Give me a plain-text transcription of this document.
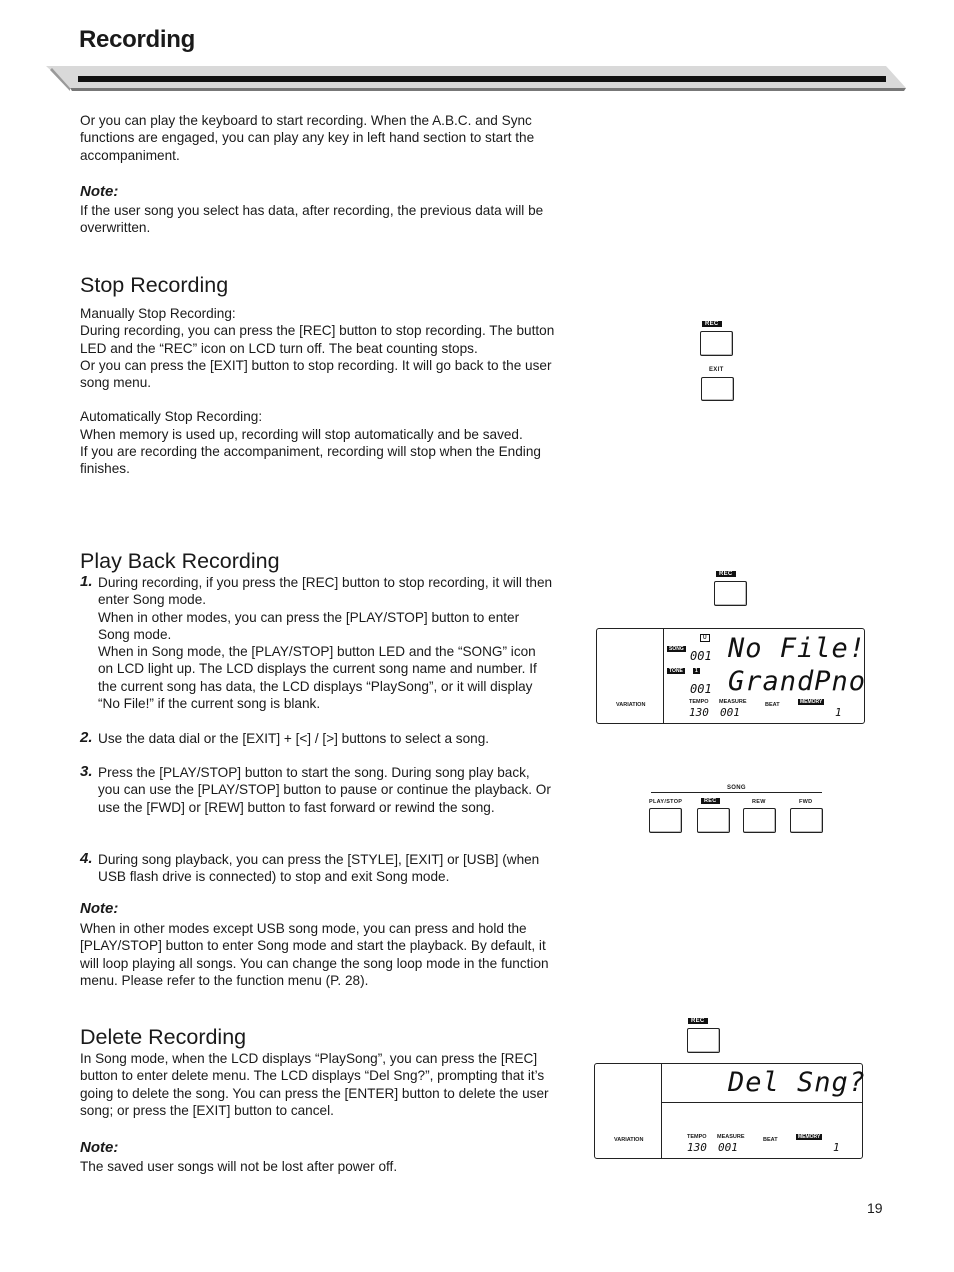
Recording

Or you can play the keyboard to start recording. When the A.B.C. and Sync functions are engaged, you can play any key in left hand section to start the accompaniment.

Note:

If the user song you select has data, after recording, the previous data will be overwritten.

Stop Recording

Manually Stop Recording:

During recording, you can press the [REC] button to stop recording. The button LED and the “REC” icon on LCD turn off. The beat counting stops.

Or you can press the [EXIT] button to stop recording. It will go back to the user song menu.

Automatically Stop Recording:

When memory is used up, recording will stop automatically and be saved.

If you are recording the accompaniment, recording will stop when the Ending finishes.

REC
EXIT
Play Back Recording
1. During recording, if you press the [REC] button to stop recording, it will then enter Song mode.
When in other modes, you can press the [PLAY/STOP] button to enter Song mode.
When in Song mode, the [PLAY/STOP] button LED and the “SONG” icon on LCD light up. The LCD displays the current song name and number. If the current song has data, the LCD displays “PlaySong”, or it will display “No File!” if the current song is blank.
2. Use the data dial or the [EXIT] + [<] / [>] buttons to select a song.
3. Press the [PLAY/STOP] button to start the song. During song play back, you can use the [PLAY/STOP] button to pause or continue the playback. Or use the [FWD] or [REW] button to fast forward or rewind the song.
4. During song playback, you can press the [STYLE], [EXIT] or [USB] (when USB flash drive is connected) to stop and exit Song mode.
Note:

When in other modes except USB song mode, you can press and hold the [PLAY/STOP] button to enter Song mode and start the playback. By default, it will loop playing all songs. You can change the song loop mode in the function menu. Please refer to the function menu (P. 28).

REC
VARIATION
U
SONG 001 No File!
TONE	1
001 GrandPno
TEMPO MEASURE	BEAT	MEMORY
130 001	1
SONG
PLAY/STOP	REC	REW	FWD
Delete Recording

In Song mode, when the LCD displays “PlaySong”, you can press the [REC] button to enter delete menu. The LCD displays “Del Sng?”, prompting that it’s going to delete the song. You can press the [ENTER] button to delete the user song; or press the [EXIT] button to cancel.

Note:

The saved user songs will not be lost after power off.

REC
Del Sng?
VARIATION	TEMPO MEASURE	BEAT	MEMORY
130 001	1
19
